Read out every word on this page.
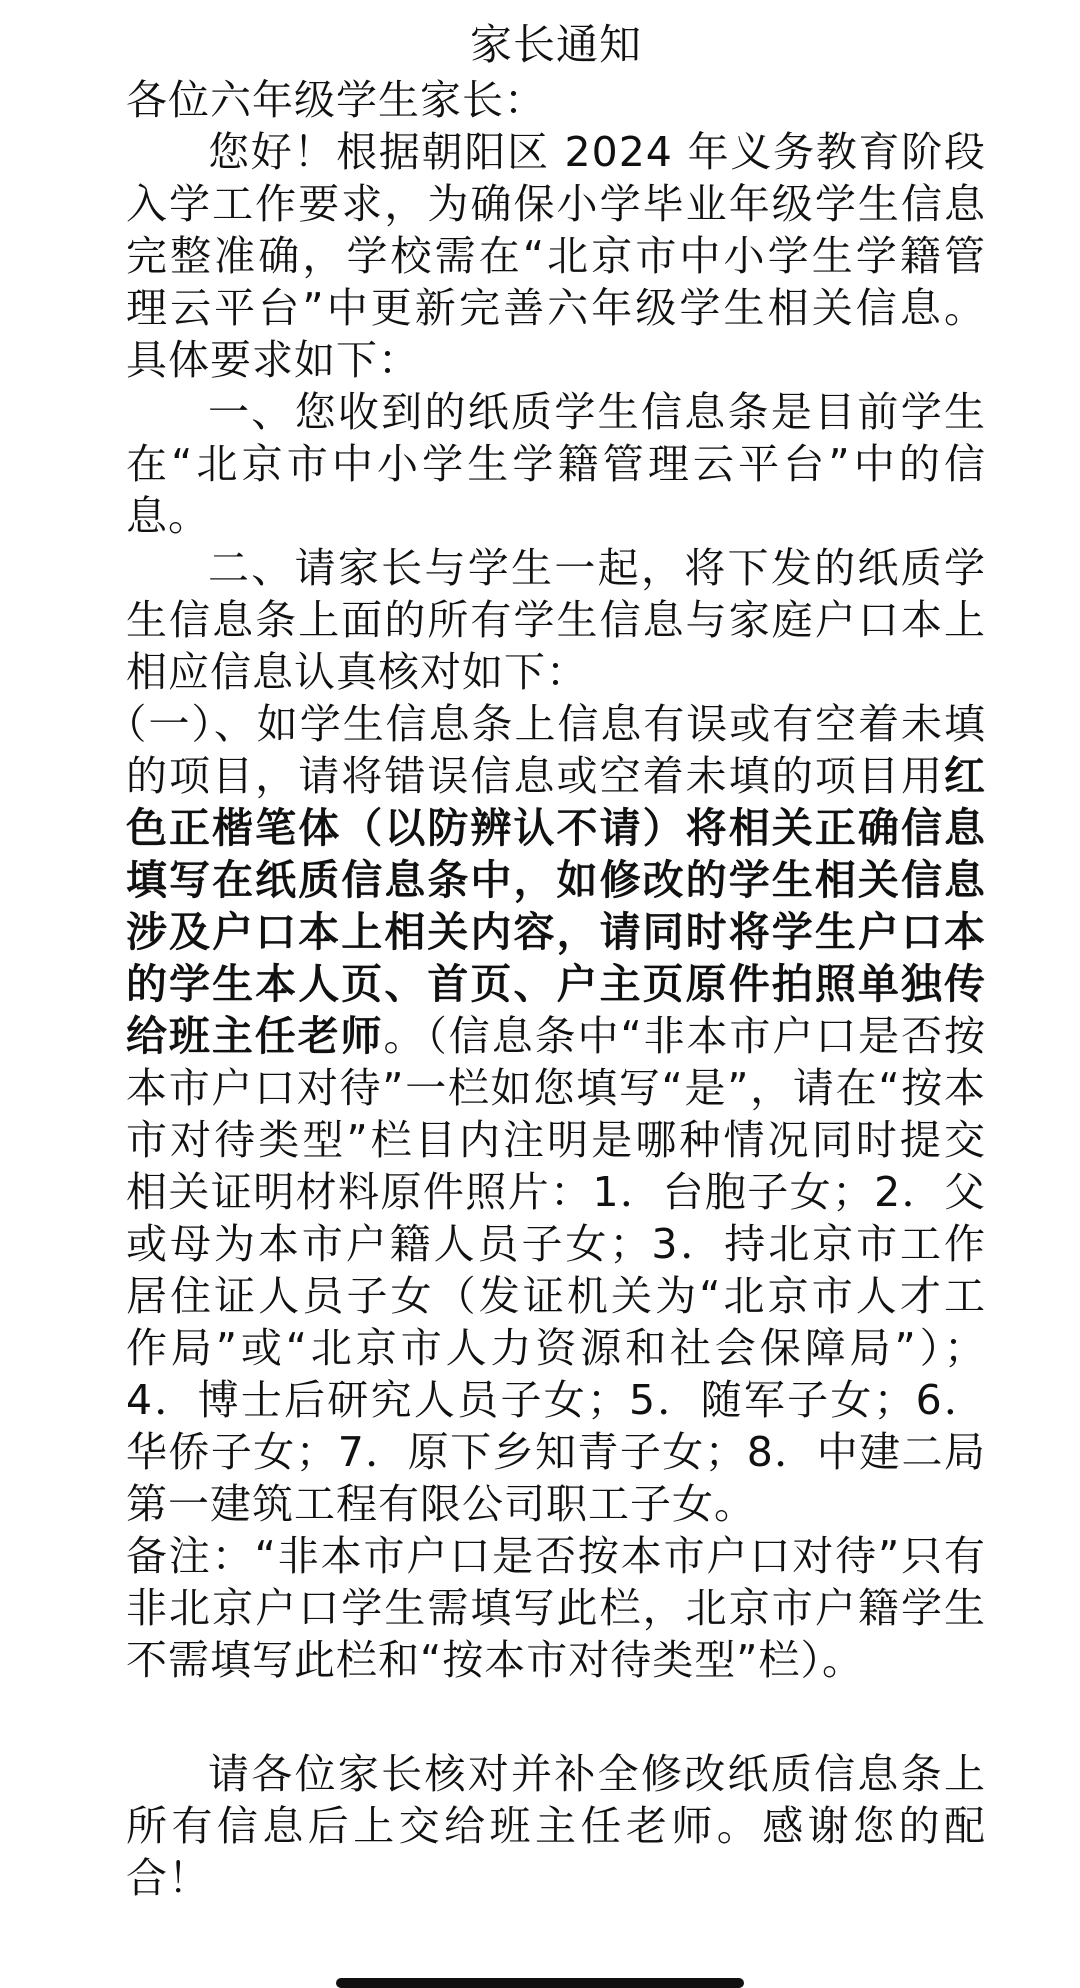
家长通知

各位六年级学生家长：

您好！根据朝阳区 2024 年义务教育阶段入学工作要求，为确保小学毕业年级学生信息完整准确，学校需在“北京市中小学生学籍管理云平台”中更新完善六年级学生相关信息。具体要求如下：

一、您收到的纸质学生信息条是目前学生在“北京市中小学生学籍管理云平台”中的信息。

二、请家长与学生一起，将下发的纸质学生信息条上面的所有学生信息与家庭户口本上相应信息认真核对如下：

（一）、如学生信息条上信息有误或有空着未填的项目，请将错误信息或空着未填的项目用红色正楷笔体（以防辨认不请）将相关正确信息填写在纸质信息条中，如修改的学生相关信息涉及户口本上相关内容，请同时将学生户口本的学生本人页、首页、户主页原件拍照单独传给班主任老师。（信息条中“非本市户口是否按本市户口对待”一栏如您填写“是”，请在“按本市对待类型”栏目内注明是哪种情况同时提交相关证明材料原件照片：1．台胞子女；2．父或母为本市户籍人员子女；3．持北京市工作居住证人员子女（发证机关为“北京市人才工作局”或“北京市人力资源和社会保障局”）；4．博士后研究人员子女；5．随军子女；6．华侨子女；7．原下乡知青子女；8．中建二局第一建筑工程有限公司职工子女。

备注：“非本市户口是否按本市户口对待”只有非北京户口学生需填写此栏，北京市户籍学生不需填写此栏和“按本市对待类型”栏）。

请各位家长核对并补全修改纸质信息条上所有信息后上交给班主任老师。感谢您的配合！
